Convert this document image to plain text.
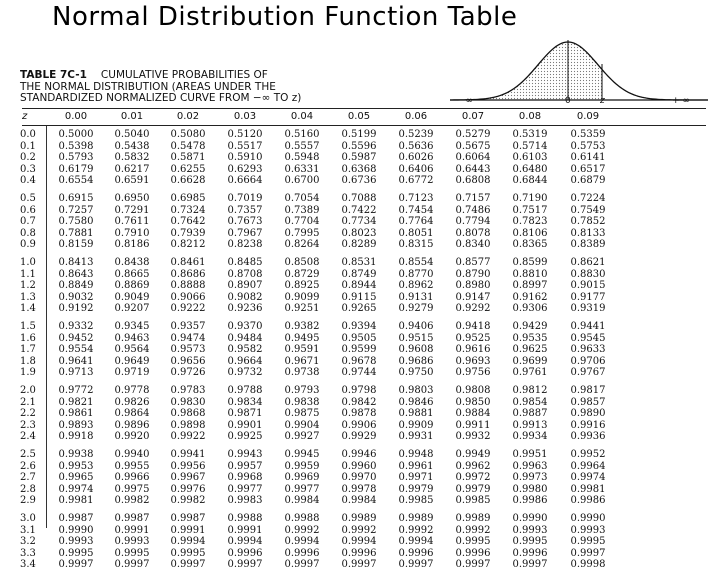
Normal Distribution Function Table
TABLE 7C-1 CUMULATIVE PROBABILITIES OF
THE NORMAL DISTRIBUTION (AREAS UNDER THE
STANDARDIZED NORMALIZED CURVE FROM −∞ TO z)	−∞	0	z	+ ∞
z	0.00	0.01	0.02	0.03	0.04	0.05	0.06	0.07	0.08	0.09
0.0	0.5000	0.5040	0.5080	0.5120	0.5160	0.5199	0.5239	0.5279	0.5319	0.5359
0.1	0.5398	0.5438	0.5478	0.5517	0.5557	0.5596	0.5636	0.5675	0.5714	0.5753
0.2	0.5793	0.5832	0.5871	0.5910	0.5948	0.5987	0.6026	0.6064	0.6103	0.6141
0.3	0.6179	0.6217	0.6255	0.6293	0.6331	0.6368	0.6406	0.6443	0.6480	0.6517
0.4	0.6554	0.6591	0.6628	0.6664	0.6700	0.6736	0.6772	0.6808	0.6844	0.6879
0.5	0.6915	0.6950	0.6985	0.7019	0.7054	0.7088	0.7123	0.7157	0.7190	0.7224
0.6	0.7257	0.7291	0.7324	0.7357	0.7389	0.7422	0.7454	0.7486	0.7517	0.7549
0.7	0.7580	0.7611	0.7642	0.7673	0.7704	0.7734	0.7764	0.7794	0.7823	0.7852
0.8	0.7881	0.7910	0.7939	0.7967	0.7995	0.8023	0.8051	0.8078	0.8106	0.8133
0.9	0.8159	0.8186	0.8212	0.8238	0.8264	0.8289	0.8315	0.8340	0.8365	0.8389
1.0	0.8413	0.8438	0.8461	0.8485	0.8508	0.8531	0.8554	0.8577	0.8599	0.8621
1.1	0.8643	0.8665	0.8686	0.8708	0.8729	0.8749	0.8770	0.8790	0.8810	0.8830
1.2	0.8849	0.8869	0.8888	0.8907	0.8925	0.8944	0.8962	0.8980	0.8997	0.9015
1.3	0.9032	0.9049	0.9066	0.9082	0.9099	0.9115	0.9131	0.9147	0.9162	0.9177
1.4	0.9192	0.9207	0.9222	0.9236	0.9251	0.9265	0.9279	0.9292	0.9306	0.9319
1.5	0.9332	0.9345	0.9357	0.9370	0.9382	0.9394	0.9406	0.9418	0.9429	0.9441
1.6	0.9452	0.9463	0.9474	0.9484	0.9495	0.9505	0.9515	0.9525	0.9535	0.9545
1.7	0.9554	0.9564	0.9573	0.9582	0.9591	0.9599	0.9608	0.9616	0.9625	0.9633
1.8	0.9641	0.9649	0.9656	0.9664	0.9671	0.9678	0.9686	0.9693	0.9699	0.9706
1.9	0.9713	0.9719	0.9726	0.9732	0.9738	0.9744	0.9750	0.9756	0.9761	0.9767
2.0	0.9772	0.9778	0.9783	0.9788	0.9793	0.9798	0.9803	0.9808	0.9812	0.9817
2.1	0.9821	0.9826	0.9830	0.9834	0.9838	0.9842	0.9846	0.9850	0.9854	0.9857
2.2	0.9861	0.9864	0.9868	0.9871	0.9875	0.9878	0.9881	0.9884	0.9887	0.9890
2.3	0.9893	0.9896	0.9898	0.9901	0.9904	0.9906	0.9909	0.9911	0.9913	0.9916
2.4	0.9918	0.9920	0.9922	0.9925	0.9927	0.9929	0.9931	0.9932	0.9934	0.9936
2.5	0.9938	0.9940	0.9941	0.9943	0.9945	0.9946	0.9948	0.9949	0.9951	0.9952
2.6	0.9953	0.9955	0.9956	0.9957	0.9959	0.9960	0.9961	0.9962	0.9963	0.9964
2.7	0.9965	0.9966	0.9967	0.9968	0.9969	0.9970	0.9971	0.9972	0.9973	0.9974
2.8	0.9974	0.9975	0.9976	0.9977	0.9977	0.9978	0.9979	0.9979	0.9980	0.9981
2.9	0.9981	0.9982	0.9982	0.9983	0.9984	0.9984	0.9985	0.9985	0.9986	0.9986
3.0	0.9987	0.9987	0.9987	0.9988	0.9988	0.9989	0.9989	0.9989	0.9990	0.9990
3.1	0.9990	0.9991	0.9991	0.9991	0.9992	0.9992	0.9992	0.9992	0.9993	0.9993
3.2	0.9993	0.9993	0.9994	0.9994	0.9994	0.9994	0.9994	0.9995	0.9995	0.9995
3.3	0.9995	0.9995	0.9995	0.9996	0.9996	0.9996	0.9996	0.9996	0.9996	0.9997
3.4	0.9997	0.9997	0.9997	0.9997	0.9997	0.9997	0.9997	0.9997	0.9997	0.9998
